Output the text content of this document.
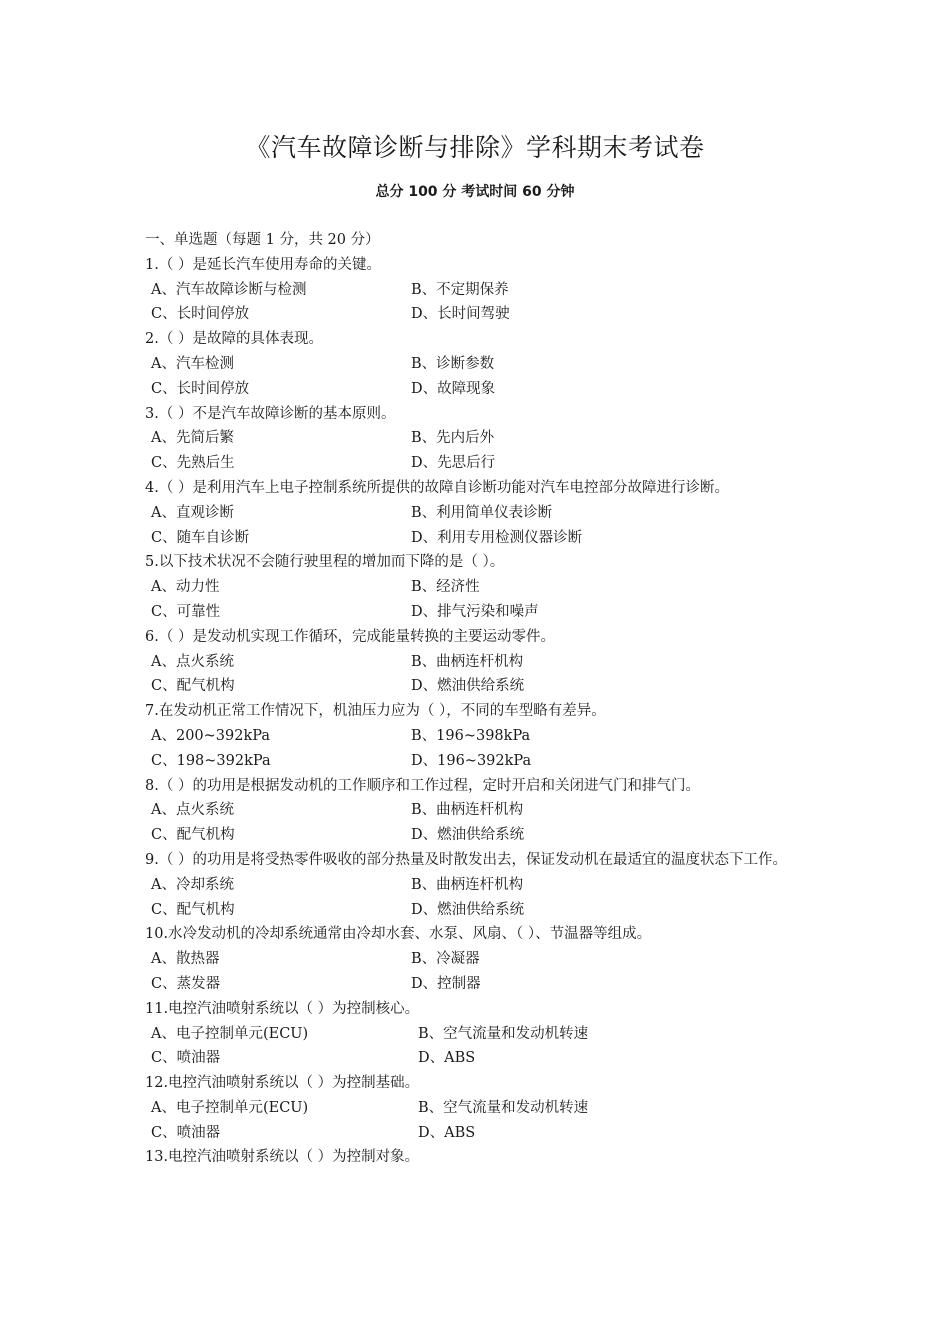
《汽车故障诊断与排除》学科期末考试卷
总分 100 分 考试时间 60 分钟
一、单选题（每题 1 分，共 20 分）
1.（ ）是延长汽车使用寿命的关键。
A、汽车故障诊断与检测	B、不定期保养
C、长时间停放	D、长时间驾驶
2.（ ）是故障的具体表现。
A、汽车检测	B、诊断参数
C、长时间停放	D、故障现象
3.（ ）不是汽车故障诊断的基本原则。
A、先简后繁	B、先内后外
C、先熟后生	D、先思后行
4.（ ）是利用汽车上电子控制系统所提供的故障自诊断功能对汽车电控部分故障进行诊断。
A、直观诊断	B、利用简单仪表诊断
C、随车自诊断	D、利用专用检测仪器诊断
5.以下技术状况不会随行驶里程的增加而下降的是（ ）。
A、动力性	B、经济性
C、可靠性	D、排气污染和噪声
6.（ ）是发动机实现工作循环，完成能量转换的主要运动零件。
A、点火系统	B、曲柄连杆机构
C、配气机构	D、燃油供给系统
7.在发动机正常工作情况下，机油压力应为（ ），不同的车型略有差异。
A、200~392kPa	B、196~398kPa
C、198~392kPa	D、196~392kPa
8.（ ）的功用是根据发动机的工作顺序和工作过程，定时开启和关闭进气门和排气门。
A、点火系统	B、曲柄连杆机构
C、配气机构	D、燃油供给系统
9.（ ）的功用是将受热零件吸收的部分热量及时散发出去，保证发动机在最适宜的温度状态下工作。
A、冷却系统	B、曲柄连杆机构
C、配气机构	D、燃油供给系统
10.水冷发动机的冷却系统通常由冷却水套、水泵、风扇、（ ）、节温器等组成。
A、散热器	B、冷凝器
C、蒸发器	D、控制器
11.电控汽油喷射系统以（ ）为控制核心。
A、电子控制单元(ECU)	B、空气流量和发动机转速
C、喷油器	D、ABS
12.电控汽油喷射系统以（ ）为控制基础。
A、电子控制单元(ECU)	B、空气流量和发动机转速
C、喷油器	D、ABS
13.电控汽油喷射系统以（ ）为控制对象。
